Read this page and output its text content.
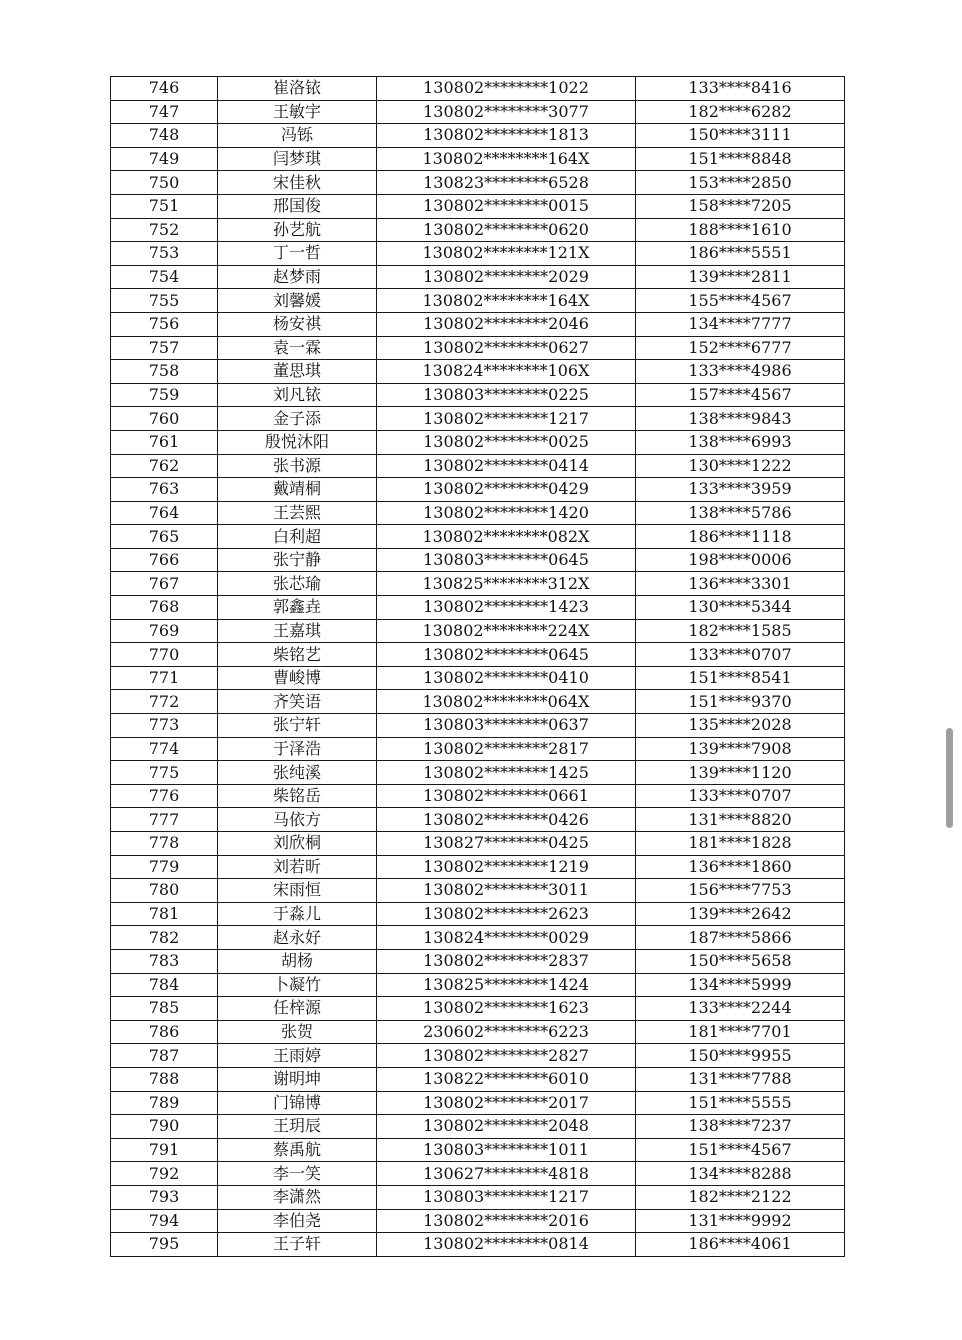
746	崔洛铱	130802********1022	133****8416
747	王敏宇	130802********3077	182****6282
748	冯铄	130802********1813	150****3111
749	闫梦琪	130802********164X	151****8848
750	宋佳秋	130823********6528	153****2850
751	邢国俊	130802********0015	158****7205
752	孙艺航	130802********0620	188****1610
753	丁一哲	130802********121X	186****5551
754	赵梦雨	130802********2029	139****2811
755	刘馨媛	130802********164X	155****4567
756	杨安祺	130802********2046	134****7777
757	袁一霖	130802********0627	152****6777
758	董思琪	130824********106X	133****4986
759	刘凡铱	130803********0225	157****4567
760	金子添	130802********1217	138****9843
761	殷悦沐阳	130802********0025	138****6993
762	张书源	130802********0414	130****1222
763	戴靖桐	130802********0429	133****3959
764	王芸熙	130802********1420	138****5786
765	白利超	130802********082X	186****1118
766	张宁静	130803********0645	198****0006
767	张芯瑜	130825********312X	136****3301
768	郭鑫垚	130802********1423	130****5344
769	王嘉琪	130802********224X	182****1585
770	柴铭艺	130802********0645	133****0707
771	曹峻博	130802********0410	151****8541
772	齐笑语	130802********064X	151****9370
773	张宁轩	130803********0637	135****2028
774	于泽浩	130802********2817	139****7908
775	张纯溪	130802********1425	139****1120
776	柴铭岳	130802********0661	133****0707
777	马依方	130802********0426	131****8820
778	刘欣桐	130827********0425	181****1828
779	刘若昕	130802********1219	136****1860
780	宋雨恒	130802********3011	156****7753
781	于淼儿	130802********2623	139****2642
782	赵永好	130824********0029	187****5866
783	胡杨	130802********2837	150****5658
784	卜凝竹	130825********1424	134****5999
785	任梓源	130802********1623	133****2244
786	张贺	230602********6223	181****7701
787	王雨婷	130802********2827	150****9955
788	谢明坤	130822********6010	131****7788
789	门锦博	130802********2017	151****5555
790	王玥辰	130802********2048	138****7237
791	蔡禹航	130803********1011	151****4567
792	李一笑	130627********4818	134****8288
793	李潇然	130803********1217	182****2122
794	李伯尧	130802********2016	131****9992
795	王子轩	130802********0814	186****4061
